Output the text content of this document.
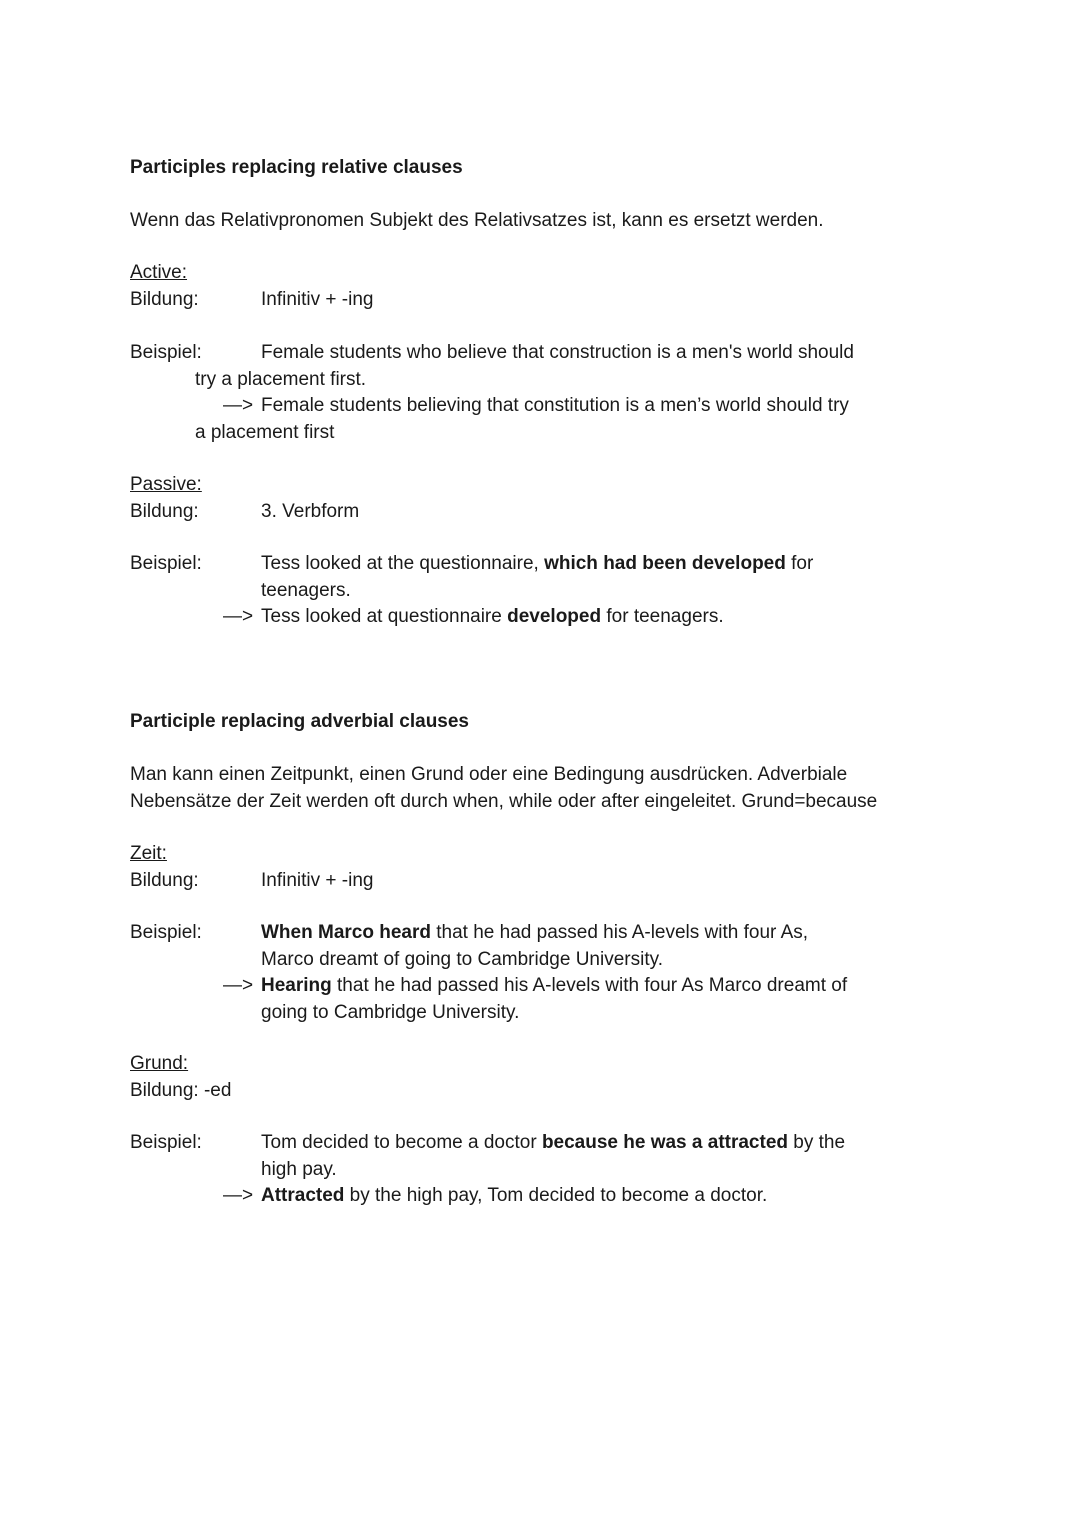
Participles replacing relative clauses
Wenn das Relativpronomen Subjekt des Relativsatzes ist, kann es ersetzt werden.
Active:
Bildung:	Infinitiv + -ing
Beispiel:	Female students who believe that construction is a men's world should
try a placement first.
—> Female students believing that constitution is a men’s world should try
a placement first
Passive:
Bildung:	3. Verbform
Beispiel:	Tess looked at the questionnaire, which had been developed for
teenagers.
—> Tess looked at questionnaire developed for teenagers.
Participle replacing adverbial clauses
Man kann einen Zeitpunkt, einen Grund oder eine Bedingung ausdrücken. Adverbiale
Nebensätze der Zeit werden oft durch when, while oder after eingeleitet. Grund=because
Zeit:
Bildung:	Infinitiv + -ing
Beispiel:	When Marco heard that he had passed his A-levels with four As,
Marco dreamt of going to Cambridge University.
—> Hearing that he had passed his A-levels with four As Marco dreamt of
going to Cambridge University.
Grund:
Bildung: -ed
Beispiel:	Tom decided to become a doctor because he was a attracted by the
high pay.
—> Attracted by the high pay, Tom decided to become a doctor.
